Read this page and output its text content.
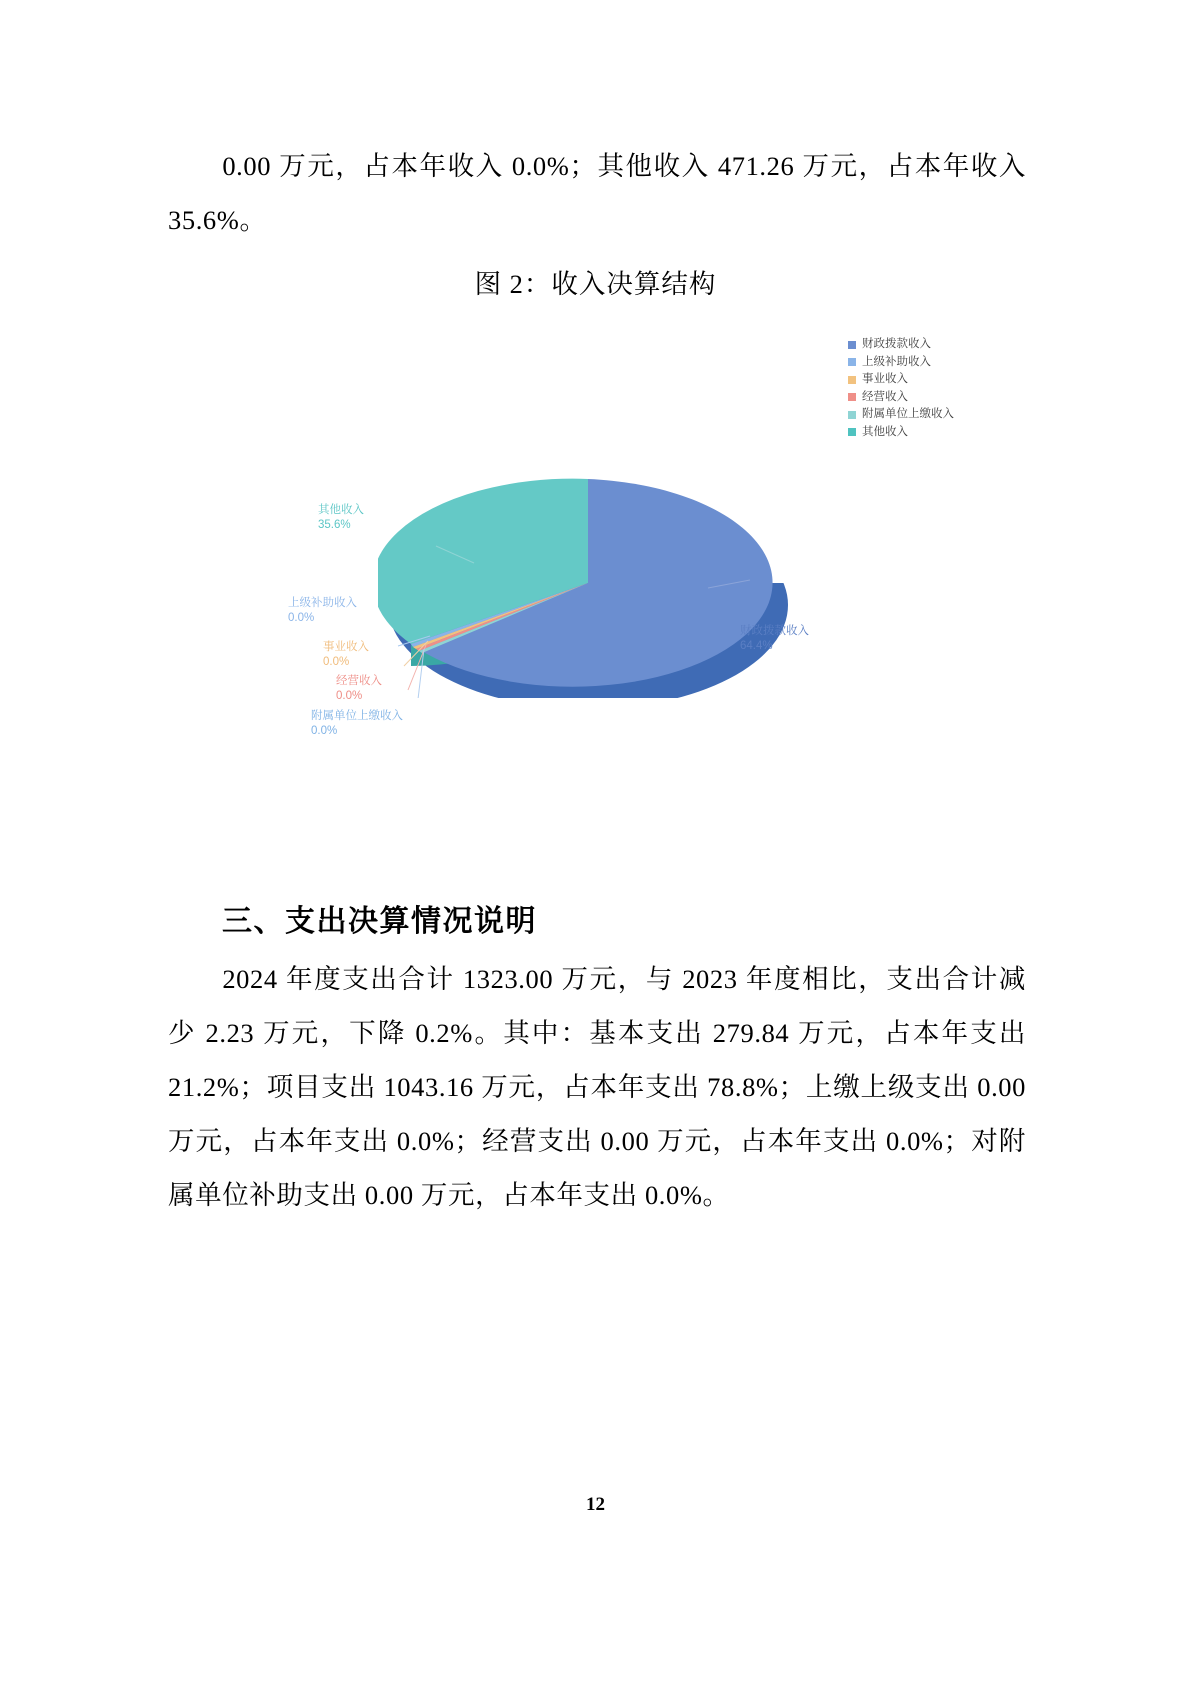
0.00 万元，占本年收入 0.0%；其他收入 471.26 万元，占本年收入 35.6%。
图 2：收入决算结构
财政拨款收入
上级补助收入
事业收入
经营收入
附属单位上缴收入
其他收入
其他收入
35.6%
上级补助收入
0.0%
事业收入
0.0%
经营收入
0.0%
附属单位上缴收入
0.0%
财政拨款收入
64.4%
三、支出决算情况说明
2024 年度支出合计 1323.00 万元，与 2023 年度相比，支出合计减少 2.23 万元，下降 0.2%。其中：基本支出 279.84 万元，占本年支出 21.2%；项目支出 1043.16 万元，占本年支出 78.8%；上缴上级支出 0.00 万元，占本年支出 0.0%；经营支出 0.00 万元，占本年支出 0.0%；对附属单位补助支出 0.00 万元，占本年支出 0.0%。
12
